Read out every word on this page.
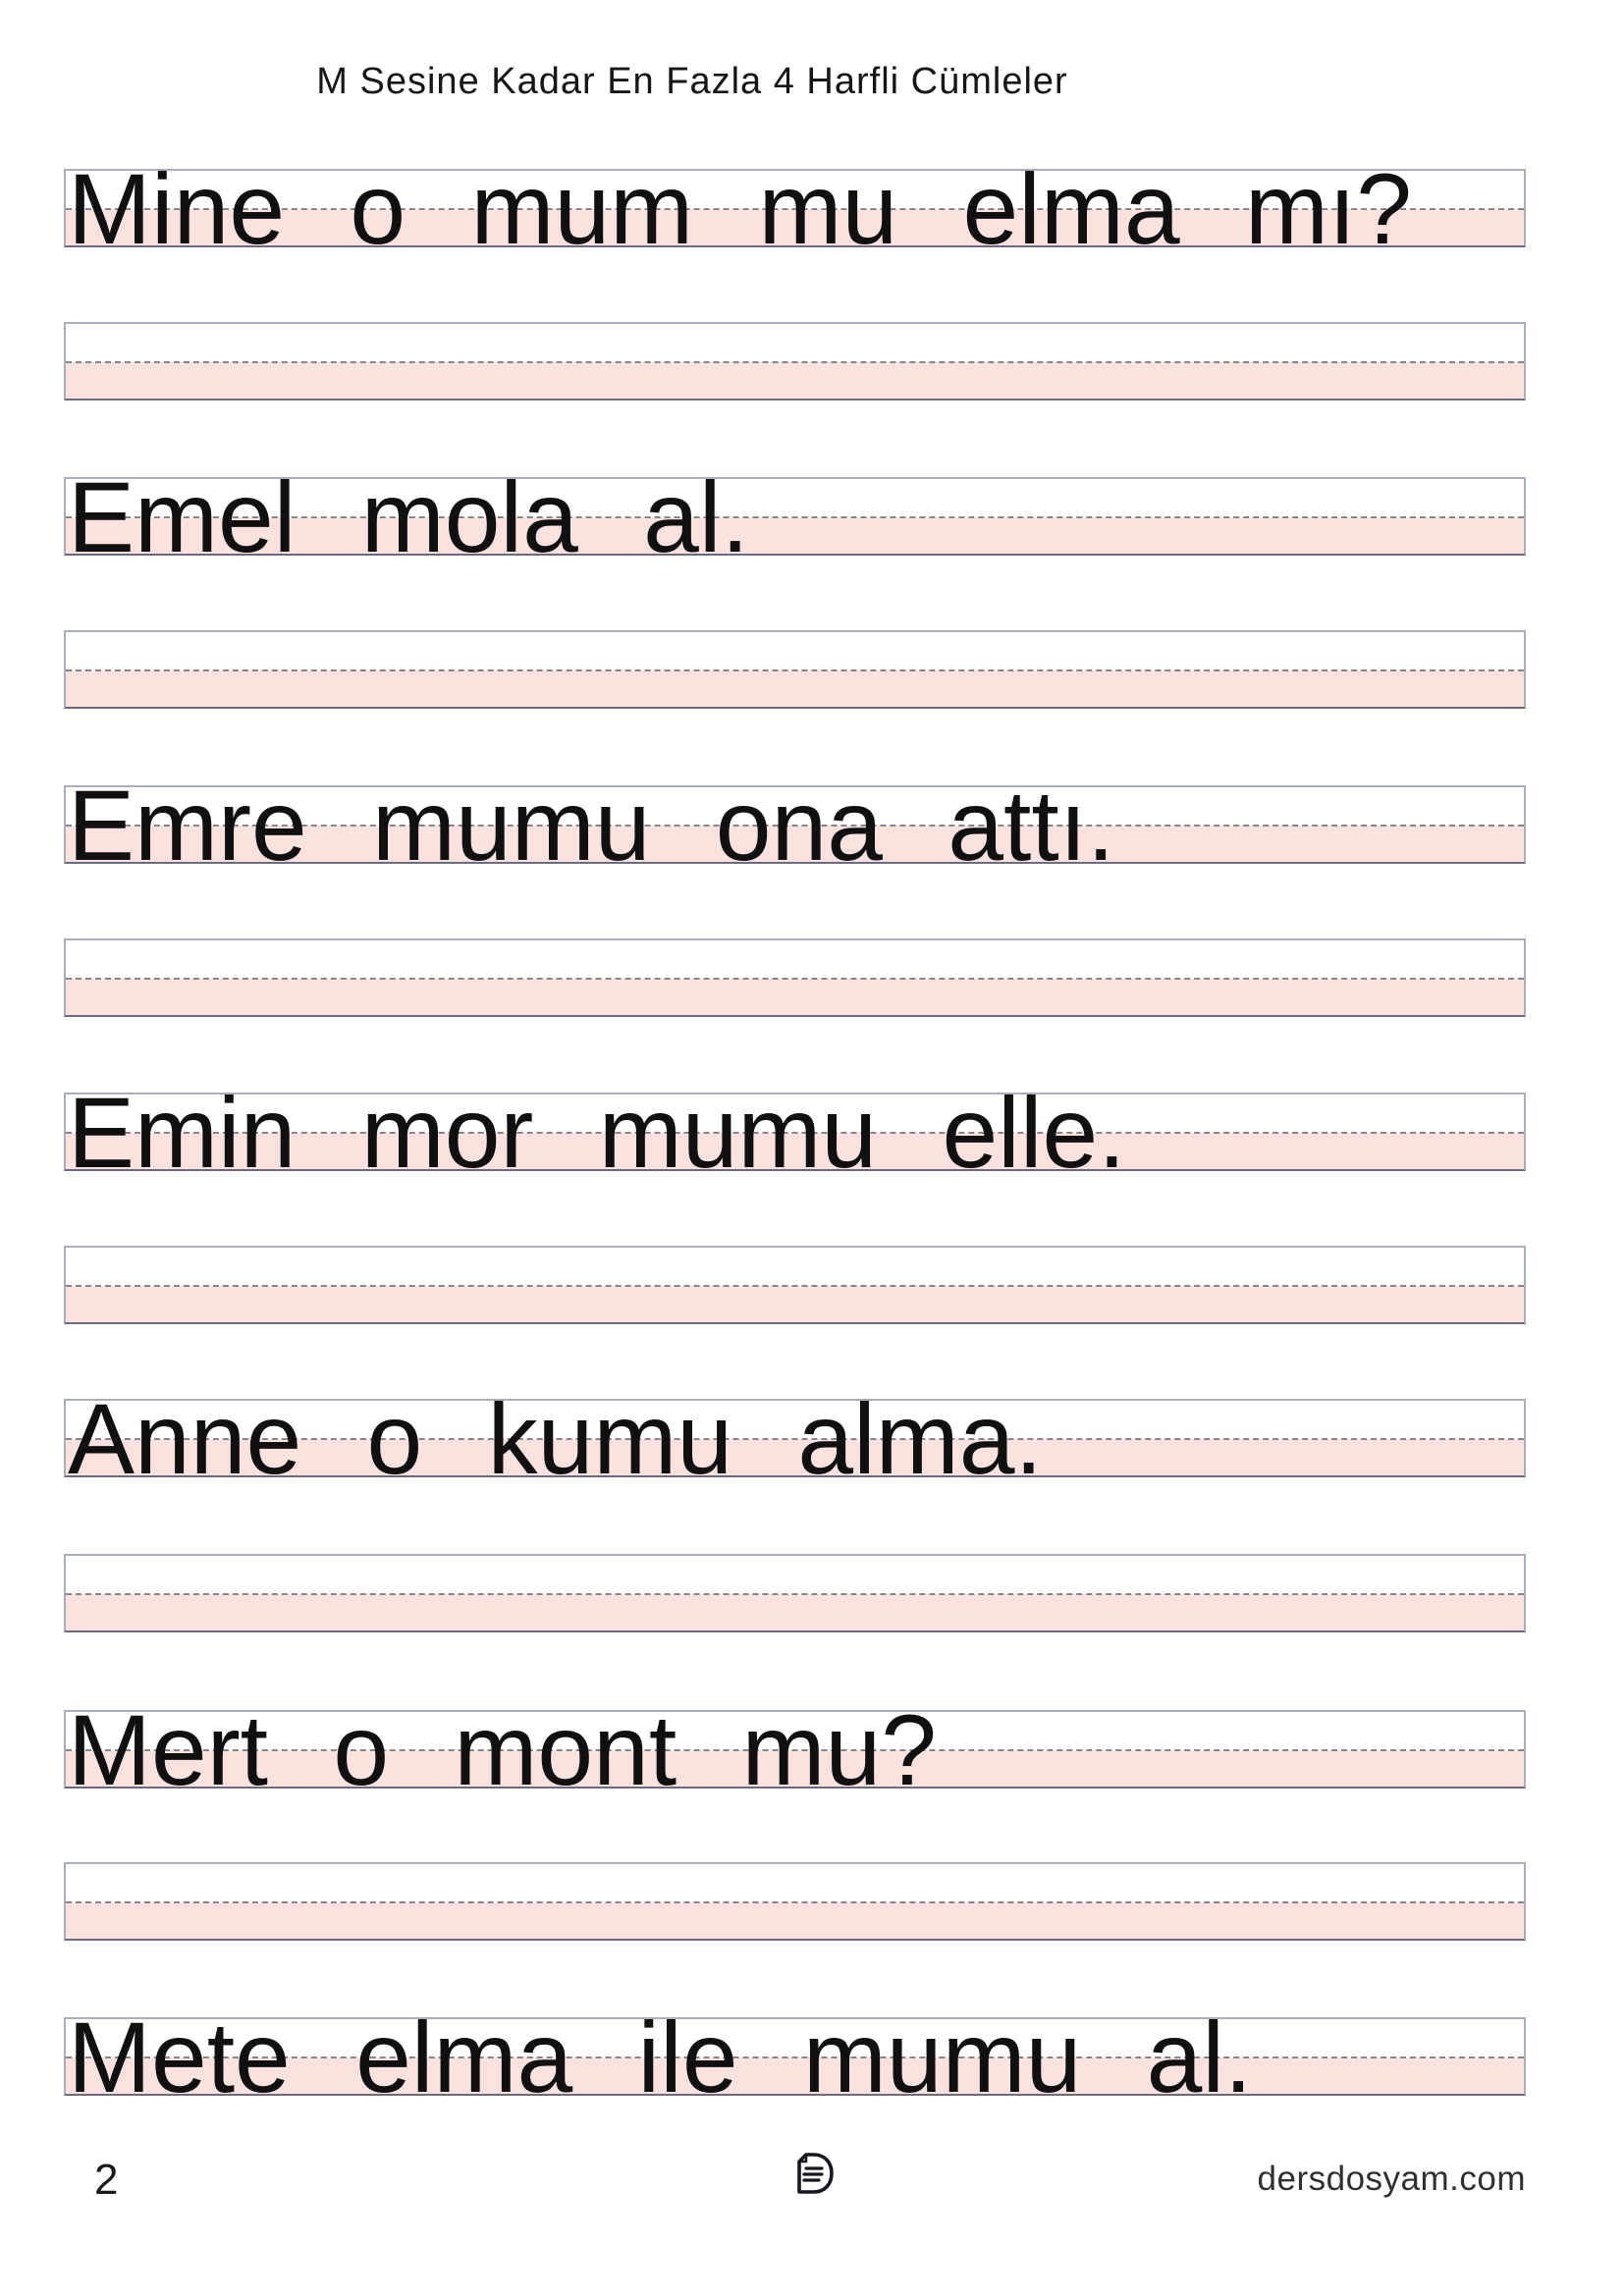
M Sesine Kadar En Fazla 4 Harfli Cümleler
Mine o mum mu elma mı?
Emel mola al.
Emre mumu ona attı.
Emin mor mumu elle.
Anne o kumu alma.
Mert o mont mu?
Mete elma ile mumu al.
2	dersdosyam.com
